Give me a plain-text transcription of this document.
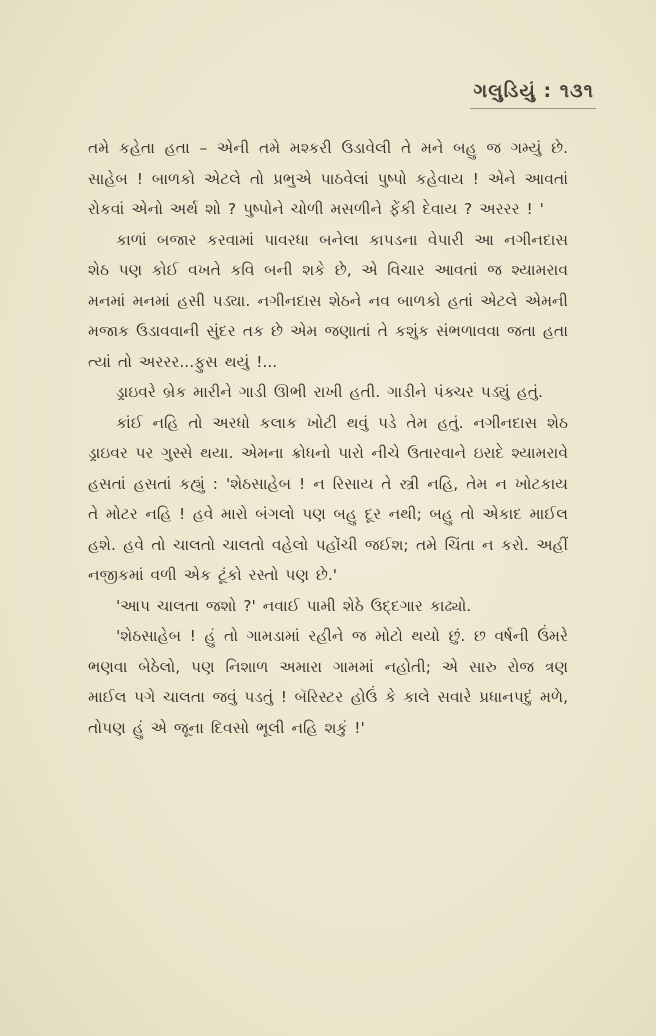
ગલુડિયું : ૧૩૧

તમે કહેતા હતા – એની તમે મશ્કરી ઉડાવેલી તે મને બહુ જ ગમ્યું છે. સાહેબ ! બાળકો એટલે તો પ્રભુએ પાઠવેલાં પુષ્પો કહેવાય ! એને આવતાં રોકવાં એનો અર્થ શો ? પુષ્પોને ચોળી મસળીને ફેંકી દેવાય ? અરરર ! '

કાળાં બજાર કરવામાં પાવરધા બનેલા કાપડના વેપારી આ નગીનદાસ શેઠ પણ કોઈ વખતે કવિ બની શકે છે, એ વિચાર આવતાં જ શ્યામરાવ મનમાં મનમાં હસી પડ્યા. નગીનદાસ શેઠને નવ બાળકો હતાં એટલે એમની મજાક ઉડાવવાની સુંદર તક છે એમ જણાતાં તે કશુંક સંભળાવવા જતા હતા ત્યાં તો અરરર...ફુસ થયું !...

ડ્રાઇવરે બ્રેક મારીને ગાડી ઊભી રાખી હતી. ગાડીને પંક્ચર પડ્યું હતું.

કાંઈ નહિ તો અરધો કલાક ખોટી થવું પડે તેમ હતું. નગીનદાસ શેઠ ડ્રાઇવર પર ગુસ્સે થયા. એમના ક્રોધનો પારો નીચે ઉતારવાને ઇરાદે શ્યામરાવે હસતાં હસતાં કહ્યું : 'શેઠસાહેબ ! ન રિસાય તે સ્ત્રી નહિ, તેમ ન ખોટકાય તે મોટર નહિ ! હવે મારો બંગલો પણ બહુ દૂર નથી; બહુ તો એકાદ માઈલ હશે. હવે તો ચાલતો ચાલતો વહેલો પહોંચી જઈશ; તમે ચિંતા ન કરો. અહીં નજીકમાં વળી એક ટૂંકો રસ્તો પણ છે.'

'આપ ચાલતા જશો ?' નવાઈ પામી શેઠે ઉદ્દગાર કાઢ્યો.

'શેઠસાહેબ ! હું તો ગામડામાં રહીને જ મોટો થયો છું. છ વર્ષની ઉંમરે ભણવા બેઠેલો, પણ નિશાળ અમારા ગામમાં નહોતી; એ સારુ રોજ ત્રણ માઈલ પગે ચાલતા જવું પડતું ! બૅરિસ્ટર હોઉં કે કાલે સવારે પ્રધાનપદું મળે, તોપણ હું એ જૂના દિવસો ભૂલી નહિ શકું !'
